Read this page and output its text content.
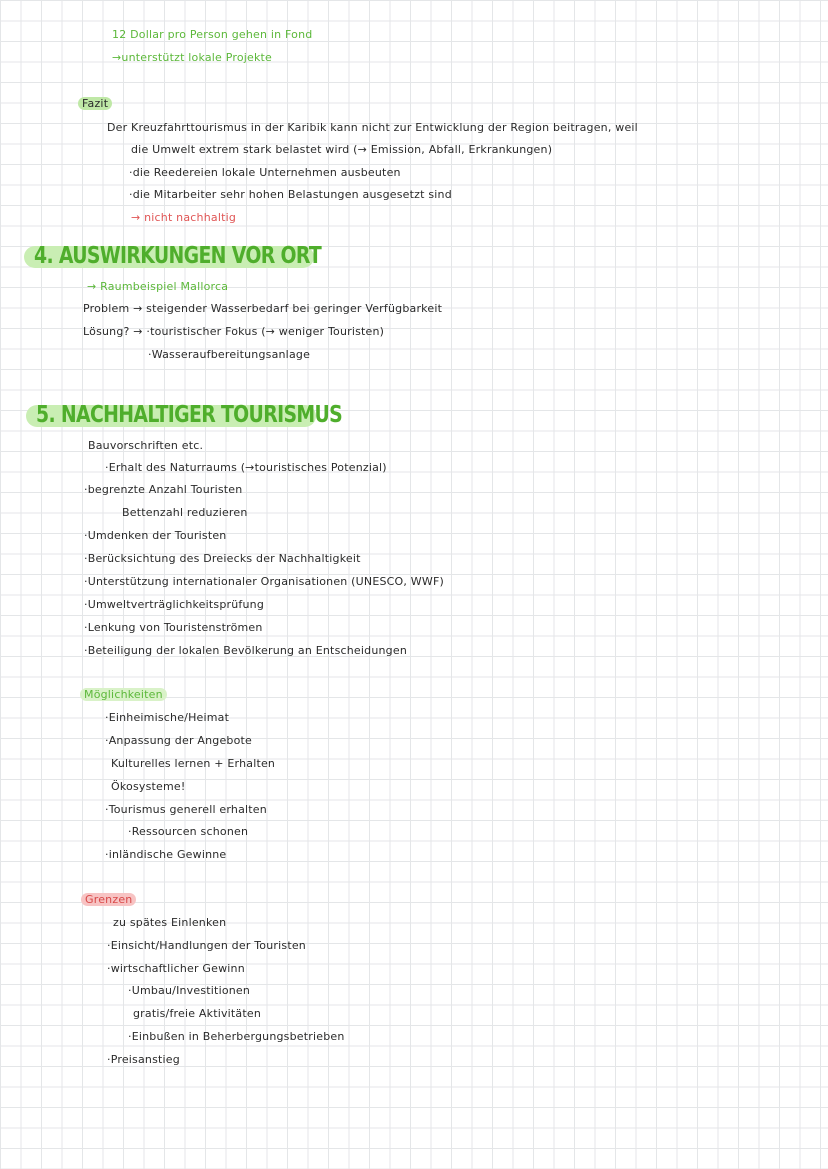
12 Dollar pro Person gehen in Fond
→unterstützt lokale Projekte
Fazit
Der Kreuzfahrttourismus in der Karibik kann nicht zur Entwicklung der Region beitragen, weil
die Umwelt extrem stark belastet wird (→ Emission, Abfall, Erkrankungen)
·die Reedereien lokale Unternehmen ausbeuten
·die Mitarbeiter sehr hohen Belastungen ausgesetzt sind
→ nicht nachhaltig
4. AUSWIRKUNGEN VOR ORT
→ Raumbeispiel Mallorca
Problem → steigender Wasserbedarf bei geringer Verfügbarkeit
Lösung? → ·touristischer Fokus (→ weniger Touristen)
·Wasseraufbereitungsanlage
5. NACHHALTIGER TOURISMUS
Bauvorschriften etc.
·Erhalt des Naturraums (→touristisches Potenzial)
·begrenzte Anzahl Touristen
Bettenzahl reduzieren
·Umdenken der Touristen
·Berücksichtung des Dreiecks der Nachhaltigkeit
·Unterstützung internationaler Organisationen (UNESCO, WWF)
·Umweltverträglichkeitsprüfung
·Lenkung von Touristenströmen
·Beteiligung der lokalen Bevölkerung an Entscheidungen
Möglichkeiten
·Einheimische/Heimat
·Anpassung der Angebote
Kulturelles lernen + Erhalten
Ökosysteme!
·Tourismus generell erhalten
·Ressourcen schonen
·inländische Gewinne
Grenzen
zu spätes Einlenken
·Einsicht/Handlungen der Touristen
·wirtschaftlicher Gewinn
·Umbau/Investitionen
gratis/freie Aktivitäten
·Einbußen in Beherbergungsbetrieben
·Preisanstieg
